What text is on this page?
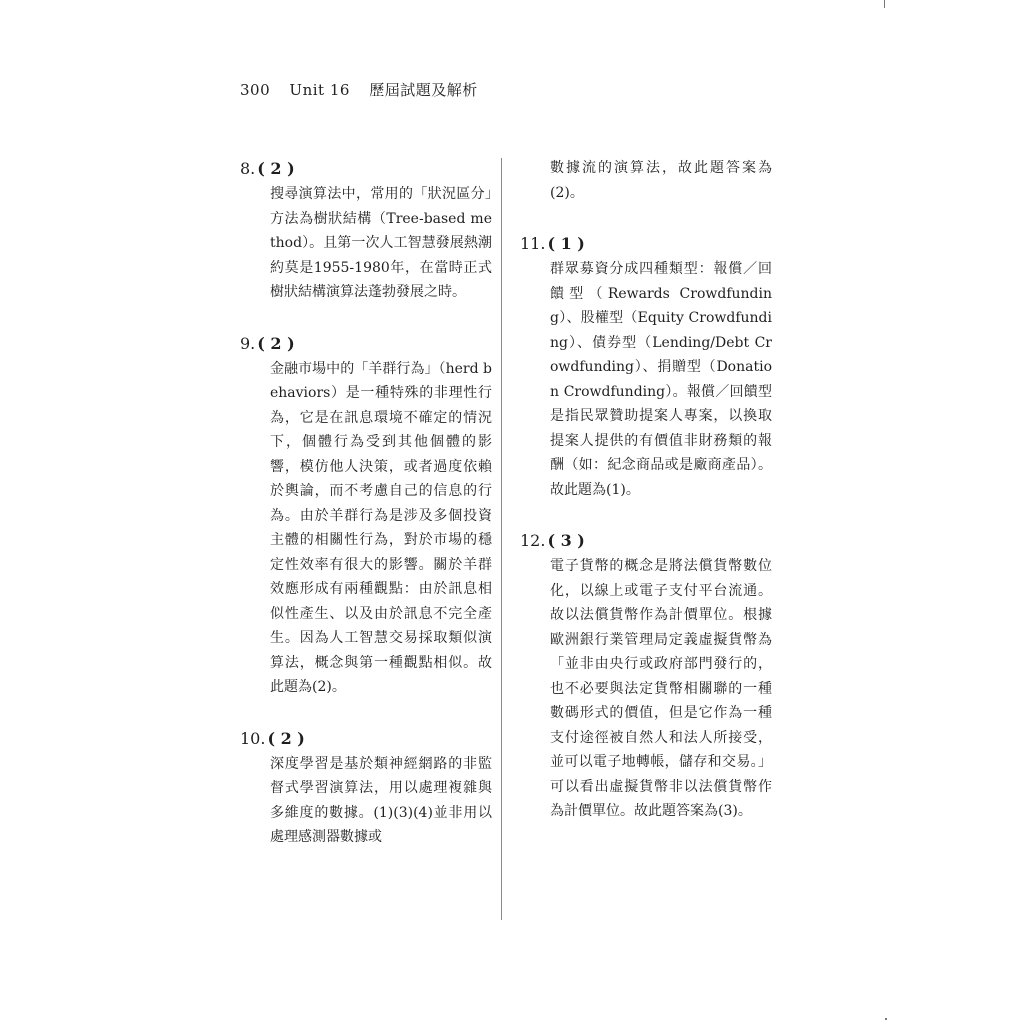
300 Unit 16 歷屆試題及解析
8. ( 2 )
搜尋演算法中，常用的「狀況區分」方法為樹狀結構（Tree-based method）。且第一次人工智慧發展熱潮約莫是1955-1980年，在當時正式樹狀結構演算法蓬勃發展之時。
9. ( 2 )
金融市場中的「羊群行為」（herd behaviors）是一種特殊的非理性行為，它是在訊息環境不確定的情況下，個體行為受到其他個體的影響，模仿他人決策，或者過度依賴於輿論，而不考慮自己的信息的行為。由於羊群行為是涉及多個投資主體的相關性行為，對於市場的穩定性效率有很大的影響。關於羊群效應形成有兩種觀點：由於訊息相似性產生、以及由於訊息不完全產生。因為人工智慧交易採取類似演算法，概念與第一種觀點相似。故此題為(2)。
10. ( 2 )
深度學習是基於類神經網路的非監督式學習演算法，用以處理複雜與多維度的數據。(1)(3)(4)並非用以處理感測器數據或
數據流的演算法，故此題答案為(2)。
11. ( 1 )
群眾募資分成四種類型：報償／回饋型（Rewards Crowdfunding）、股權型（Equity Crowdfunding）、債券型（Lending/Debt Crowdfunding）、捐贈型（Donation Crowdfunding）。報償／回饋型是指民眾贊助提案人專案，以換取提案人提供的有價值非財務類的報酬（如：紀念商品或是廠商產品）。故此題為(1)。
12. ( 3 )
電子貨幣的概念是將法償貨幣數位化，以線上或電子支付平台流通。故以法償貨幣作為計價單位。根據歐洲銀行業管理局定義虛擬貨幣為「並非由央行或政府部門發行的，也不必要與法定貨幣相關聯的一種數碼形式的價值，但是它作為一種支付途徑被自然人和法人所接受，並可以電子地轉帳，儲存和交易。」可以看出虛擬貨幣非以法償貨幣作為計價單位。故此題答案為(3)。
